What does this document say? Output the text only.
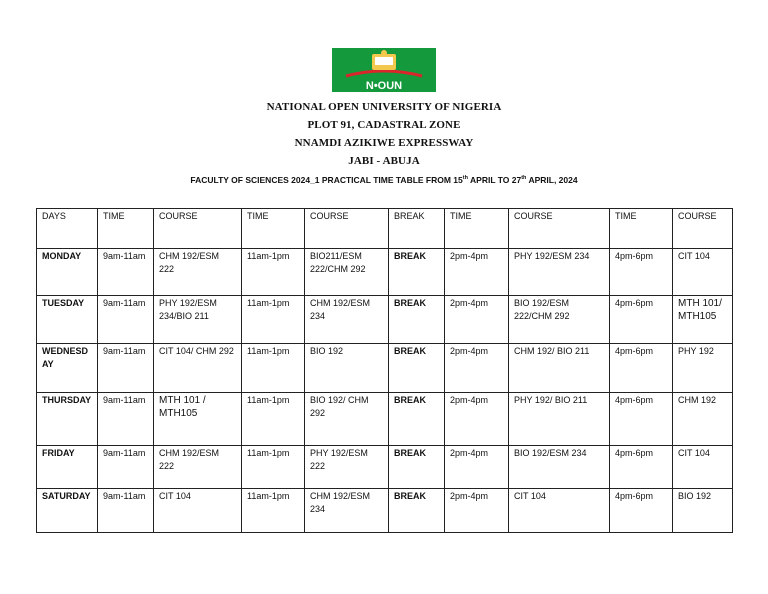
N•OUN
NATIONAL OPEN UNIVERSITY OF NIGERIA
PLOT 91, CADASTRAL ZONE
NNAMDI AZIKIWE EXPRESSWAY
JABI - ABUJA
FACULTY OF SCIENCES 2024_1 PRACTICAL TIME TABLE FROM 15th APRIL TO 27th APRIL, 2024
DAYS	TIME	COURSE	TIME	COURSE	BREAK	TIME	COURSE	TIME	COURSE
MONDAY	9am-11am	CHM 192/ESM 222	11am-1pm	BIO211/ESM 222/CHM 292	BREAK	2pm-4pm	PHY 192/ESM 234	4pm-6pm	CIT 104
TUESDAY	9am-11am	PHY 192/ESM 234/BIO 211	11am-1pm	CHM 192/ESM 234	BREAK	2pm-4pm	BIO 192/ESM 222/CHM 292	4pm-6pm	MTH 101/ MTH105
WEDNESDAY	9am-11am	CIT 104/ CHM 292	11am-1pm	BIO 192	BREAK	2pm-4pm	CHM 192/ BIO 211	4pm-6pm	PHY 192
THURSDAY	9am-11am	MTH 101 / MTH105	11am-1pm	BIO 192/ CHM 292	BREAK	2pm-4pm	PHY 192/ BIO 211	4pm-6pm	CHM 192
FRIDAY	9am-11am	CHM 192/ESM 222	11am-1pm	PHY 192/ESM 222	BREAK	2pm-4pm	BIO 192/ESM 234	4pm-6pm	CIT 104
SATURDAY	9am-11am	CIT 104	11am-1pm	CHM 192/ESM 234	BREAK	2pm-4pm	CIT 104	4pm-6pm	BIO 192
